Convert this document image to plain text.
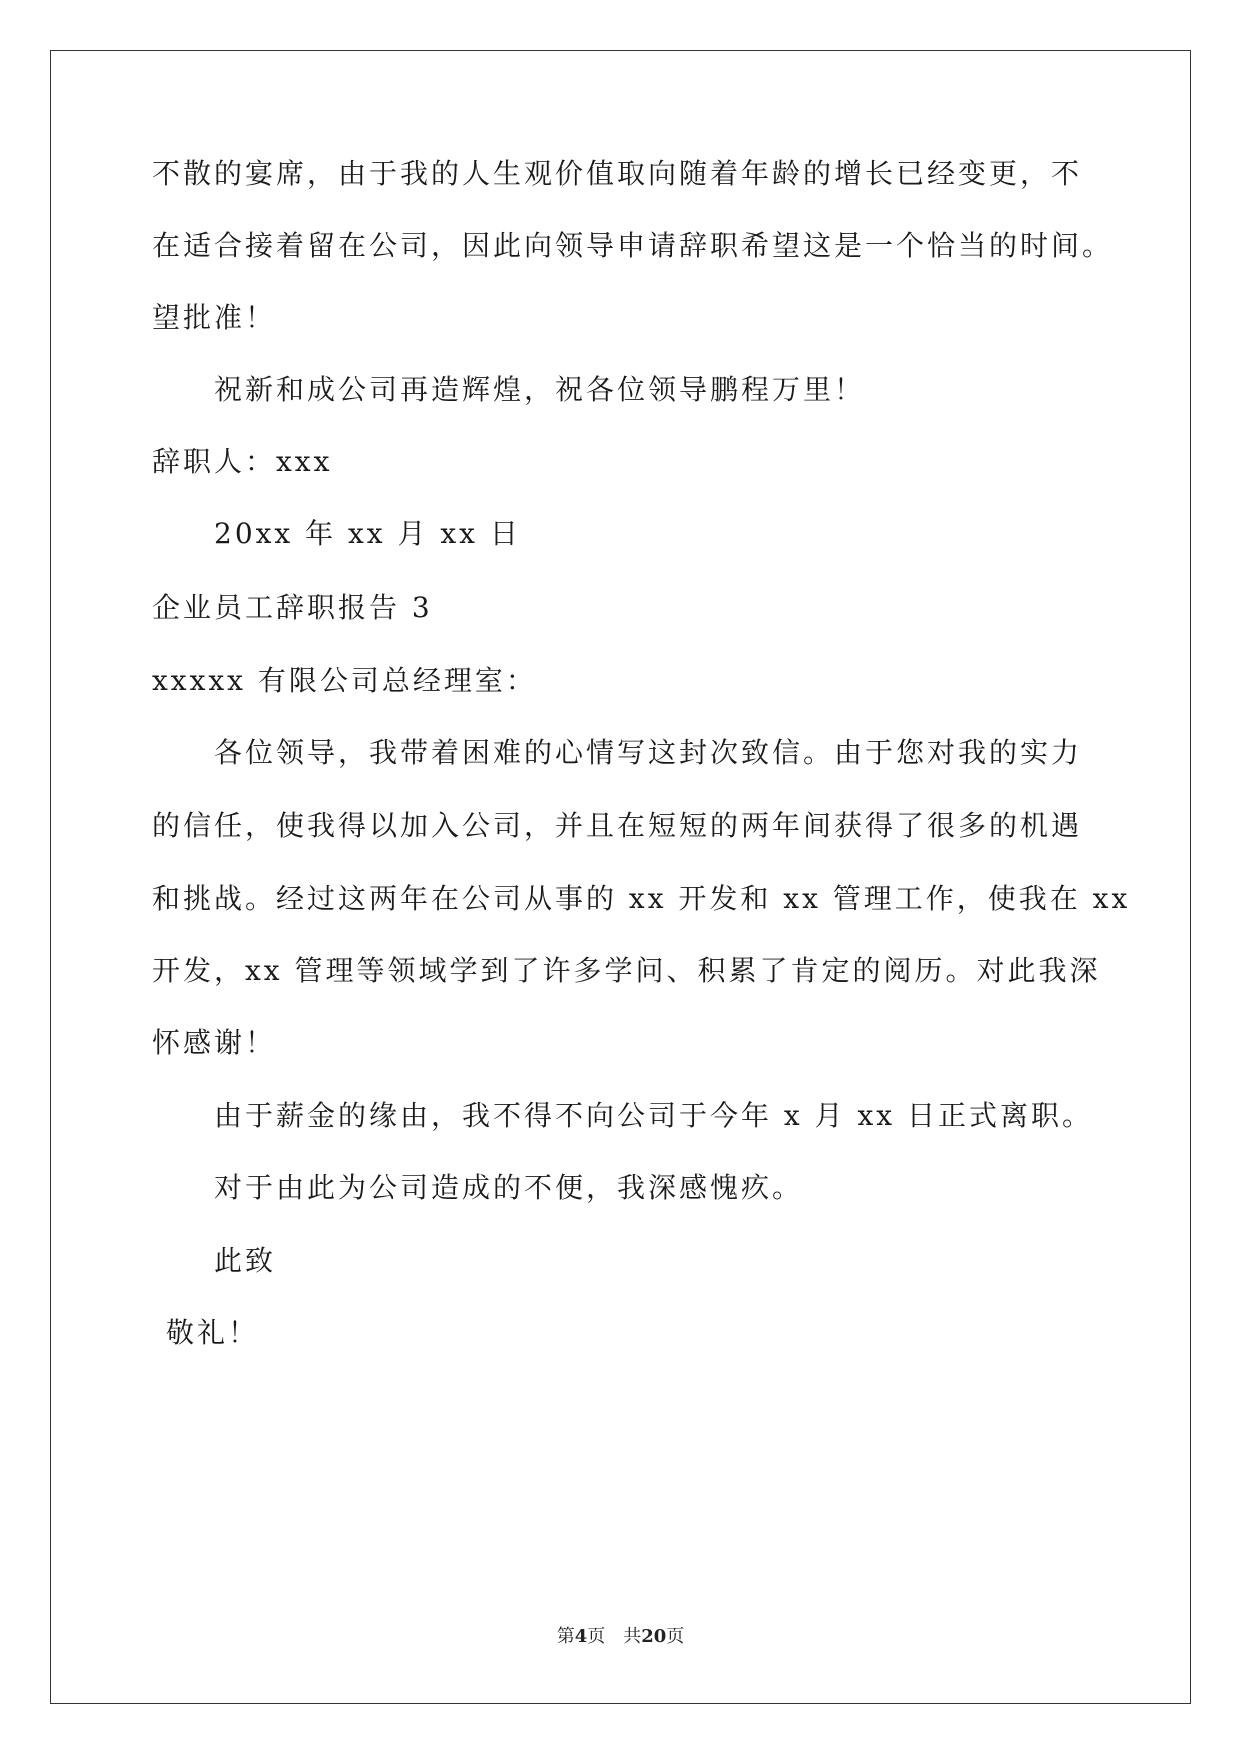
不散的宴席，由于我的人生观价值取向随着年龄的增长已经变更，不
在适合接着留在公司，因此向领导申请辞职希望这是一个恰当的时间。
望批准！
祝新和成公司再造辉煌，祝各位领导鹏程万里！
辞职人：xxx
20xx 年 xx 月 xx 日
企业员工辞职报告 3
xxxxx 有限公司总经理室：
各位领导，我带着困难的心情写这封次致信。由于您对我的实力
的信任，使我得以加入公司，并且在短短的两年间获得了很多的机遇
和挑战。经过这两年在公司从事的 xx 开发和 xx 管理工作，使我在 xx
开发，xx 管理等领域学到了许多学问、积累了肯定的阅历。对此我深
怀感谢！
由于薪金的缘由，我不得不向公司于今年 x 月 xx 日正式离职。
对于由此为公司造成的不便，我深感愧疚。
此致
敬礼！
第4页　共20页
